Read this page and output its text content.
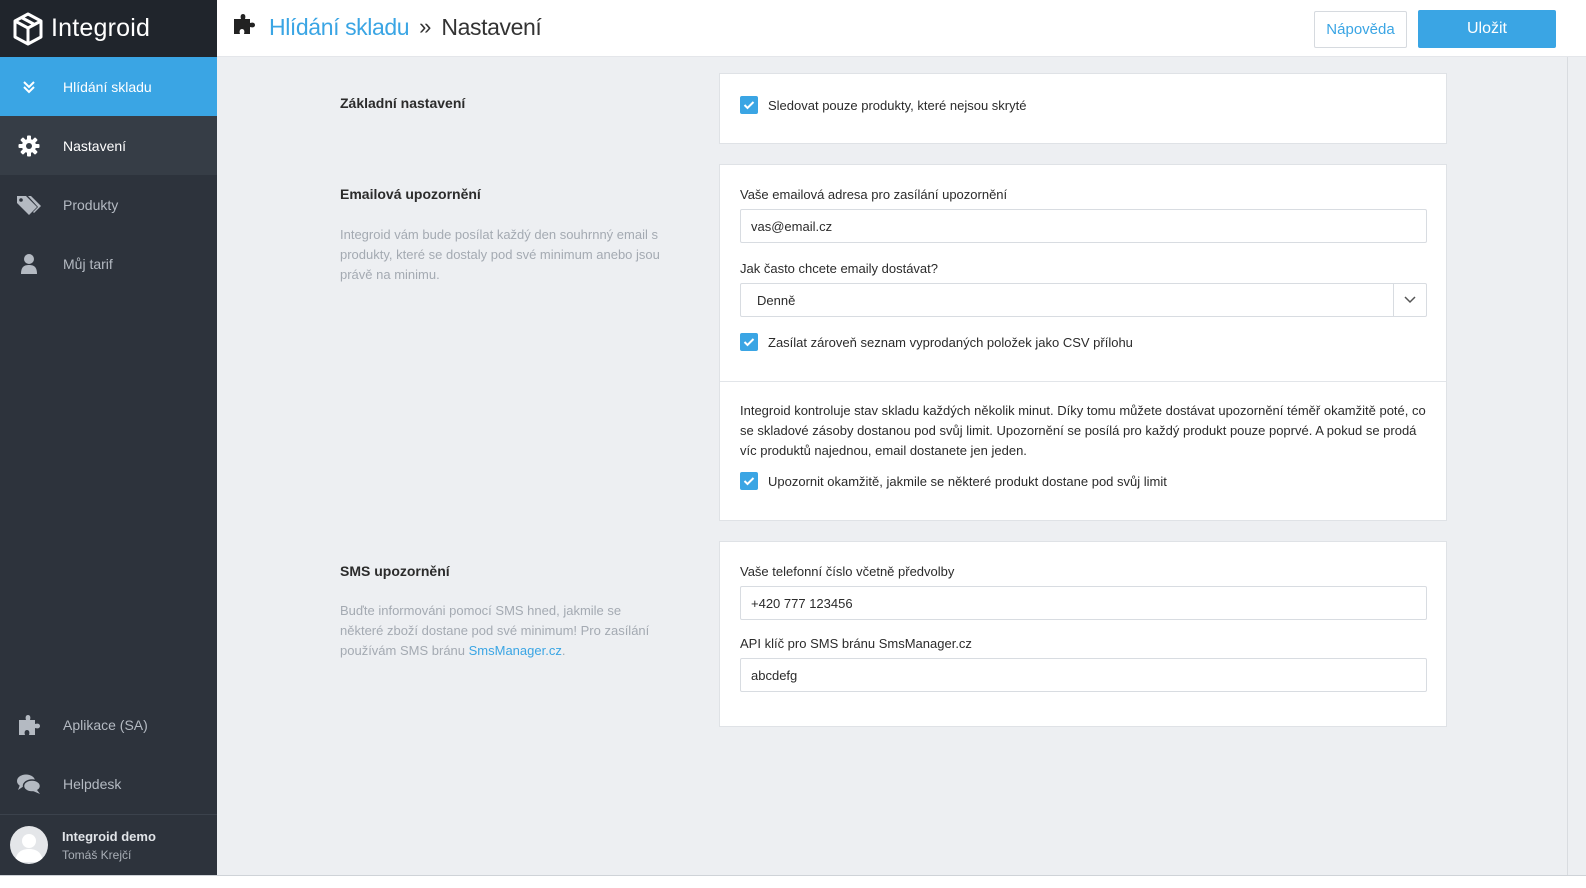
Integroid
Hlídání skladu
Nastavení
Produkty
Můj tarif
Aplikace (SA)
Helpdesk
Integroid demo
Tomáš Krejčí
Hlídání skladu » Nastavení	Nápověda	Uložit
Základní nastavení	Sledovat pouze produkty, které nejsou skryté
Emailová upozornění
Integroid vám bude posílat každý den souhrnný email s produkty, které se dostaly pod své minimum anebo jsou právě na minimu.
Vaše emailová adresa pro zasílání upozornění
vas@email.cz
Jak často chcete emaily dostávat?
Denně
Zasílat zároveň seznam vyprodaných položek jako CSV přílohu
Integroid kontroluje stav skladu každých několik minut. Díky tomu můžete dostávat upozornění téměř okamžitě poté, co se skladové zásoby dostanou pod svůj limit. Upozornění se posílá pro každý produkt pouze poprvé. A pokud se prodá víc produktů najednou, email dostanete jen jeden.
Upozornit okamžitě, jakmile se některé produkt dostane pod svůj limit
SMS upozornění
Buďte informováni pomocí SMS hned, jakmile se některé zboží dostane pod své minimum! Pro zasílání používám SMS bránu SmsManager.cz.
Vaše telefonní číslo včetně předvolby
+420 777 123456
API klíč pro SMS bránu SmsManager.cz
abcdefg
